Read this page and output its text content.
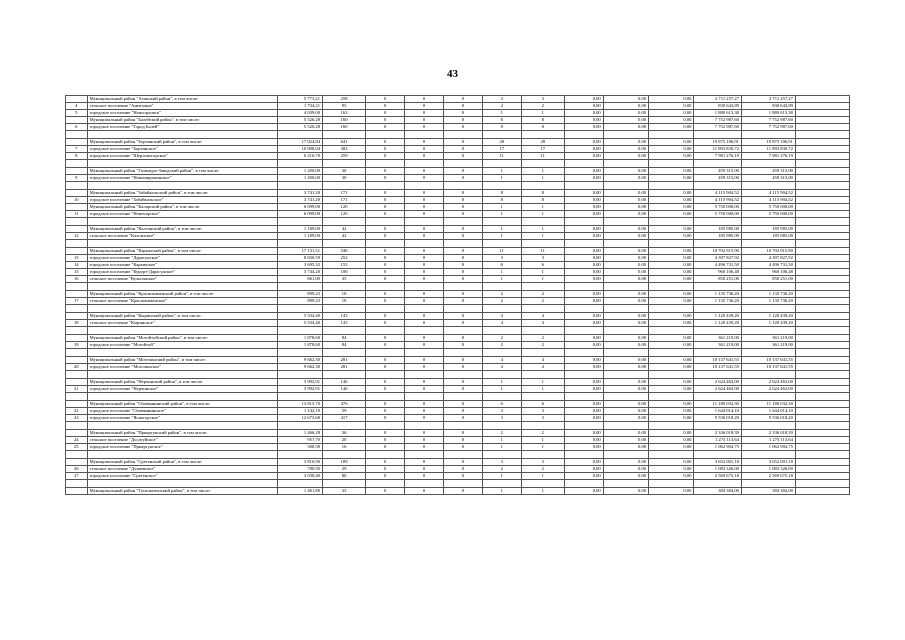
43
	Муниципальный район "Агинский район", в том числе:	5 773,21	258	0	0	0	3	3	0,00	0,00	0,00	2 711 257,27	2 711 257,27	
4	сельское поселение "Амитхаша"	1 734,21	95	0	0	0	2	2	0,00	0,00	0,00	830 643,89	830 643,89	
5	городское поселение "Новоорловск"	4 039,00	163	0	0	0	1	1	0,00	0,00	0,00	1 880 613,38	1 880 613,38	
	Муниципальный район "Балейский район", в том числе:	5 526,28	160	0	0	0	8	8	0,00	0,00	0,00	7 752 987,60	7 752 987,60	
6	городское поселение "Город Балей"	5 526,28	160	0	0	0	8	8	0,00	0,00	0,00	7 752 987,60	7 752 987,60	

	Муниципальный район "Борзинский район", в том числе:	17 024,84	641	0	0	0	28	28	0,00	0,00	0,00	19 875 106,91	19 875 106,91	
7	городское поселение "Борзинское"	10 808,04	382	0	0	0	17	17	0,00	0,00	0,00	11 893 830,72	11 893 830,72	
8	городское поселение "Шерловогорское"	6 216,70	259	0	0	0	11	11	0,00	0,00	0,00	7 981 276,19	7 981 276,19	

	Муниципальный район "Газимуро-Заводский район", в том числе:	1 200,00	30	0	0	0	1	1	0,00	0,00	0,00	459 315,00	459 315,00	
9	городское поселение "Новоширокинское"	1 200,00	30	0	0	0	1	1	0,00	0,00	0,00	459 315,00	459 315,00	

	Муниципальный район "Забайкальский район", в том числе:	3 741,20	171	0	0	0	8	8	0,00	0,00	0,00	4 115 904,52	4 115 904,52	
10	городское поселение "Забайкальское"	3 741,20	171	0	0	0	8	8	0,00	0,00	0,00	4 115 904,52	4 115 904,52	
	Муниципальный район "Каларский район", в том числе:	6 099,00	120	0	0	0	1	1	0,00	0,00	0,00	5 750 000,00	5 750 000,00	
11	городское поселение "Новочарское"	6 099,00	120	0	0	0	1	1	0,00	0,00	0,00	5 750 000,00	5 750 000,00	

	Муниципальный район "Калганский район", в том числе:	1 189,00	42	0	0	0	1	1	0,00	0,00	0,00	185 985,00	185 985,00	
12	сельское поселение "Калганское"	1 189,00	42	0	0	0	1	1	0,00	0,00	0,00	185 985,00	185 985,00	

	Муниципальный район "Карымский район", в том числе:	17 131,51	546	0	0	0	11	11	0,00	0,00	0,00	10 702 915,90	10 702 915,90	
13	городское поселение "Дарасунское"	8 830,59	252	0	0	0	3	3	0,00	0,00	0,00	4 397 827,92	4 397 827,92	
14	городское поселение "Карымское"	3 695,32	153	0	0	0	6	6	0,00	0,00	0,00	4 496 731,50	4 496 731,50	
15	городское поселение "Курорт-Дарасунское"	3 744,20	106	0	0	0	1	1	0,00	0,00	0,00	960 106,48	960 106,48	
16	сельское поселение "Кульгинское"	861,00	35	0	0	0	1	1	0,00	0,00	0,00	850 251,00	850 251,00	

	Муниципальный район "Краснокаменский район", в том числе:	899,23	18	0	0	0	2	2	0,00	0,00	0,00	1 135 736,20	1 135 736,20	
17	сельское поселение "Краснокаменское"	899,23	18	0	0	0	2	2	0,00	0,00	0,00	1 135 736,20	1 135 736,20	

	Муниципальный район "Кыринский район", в том числе:	5 534,40	143	0	0	0	4	4	0,00	0,00	0,00	1 120 439,20	1 120 439,20	
18	сельское поселение "Кыринское"	5 534,40	143	0	0	0	4	4	0,00	0,00	0,00	1 120 439,20	1 120 439,20	

	Муниципальный район "Могойтуйский район", в том числе:	1 878,60	84	0	0	0	2	2	0,00	0,00	0,00	361 219,00	361 219,00	
19	городское поселение "Могойтуй"	1 878,60	84	0	0	0	2	2	0,00	0,00	0,00	361 219,00	361 219,00	

	Муниципальный район "Могочинский район", в том числе:	9 662,30	281	0	0	0	4	4	0,00	0,00	0,00	10 137 641,55	10 137 641,55	
20	городское поселение "Могочинское"	9 662,30	281	0	0	0	4	4	0,00	0,00	0,00	10 137 641,55	10 137 641,55	

	Муниципальный район "Нерчинский район", в том числе:	3 992,91	146	0	0	0	1	1	0,00	0,00	0,00	2 624 463,00	2 624 463,00	
21	городское поселение "Нерчинское"	3 992,91	146	0	0	0	1	1	0,00	0,00	0,00	2 624 463,00	2 624 463,00	

	Муниципальный район "Оловяннинский район", в том числе:	13 815,70	476	0	0	0	6	6	0,00	0,00	0,00	11 180 032,30	11 180 032,30	
22	городское поселение "Оловяннинское"	1 142,10	59	0	0	0	3	3	0,00	0,00	0,00	1 644 014,10	1 644 014,10	
23	городское поселение "Ясногорское"	12 673,60	417	0	0	0	3	3	0,00	0,00	0,00	9 536 018,20	9 536 018,20	

	Муниципальный район "Приаргунский район", в том числе:	1 466,28	36	0	0	0	2	2	0,00	0,00	0,00	2 336 018,39	2 336 018,39	
24	сельское поселение "Досатуйское"	957,70	20	0	0	0	1	1	0,00	0,00	0,00	1 273 113,64	1 273 113,64	
25	городское поселение "Приаргунское"	508,58	16	0	0	0	1	1	0,00	0,00	0,00	1 062 904,75	1 062 904,75	

	Муниципальный район "Сретенский район", в том числе:	3 810,90	109	0	0	0	3	3	0,00	0,00	0,00	3 652 001,18	3 652 001,18	
26	сельское поселение "Дунаевское"	780,50	29	0	0	0	2	2	0,00	0,00	0,00	1 083 326,00	1 083 326,00	
27	городское поселение "Сретенское"	3 030,40	80	0	0	0	1	1	0,00	0,00	0,00	2 569 675,18	2 569 675,18	

	Муниципальный район "Тунгокоченский район", в том числе:	1 461,80	35	0	0	0	1	1	0,00	0,00	0,00	384 384,00	384 384,00	
